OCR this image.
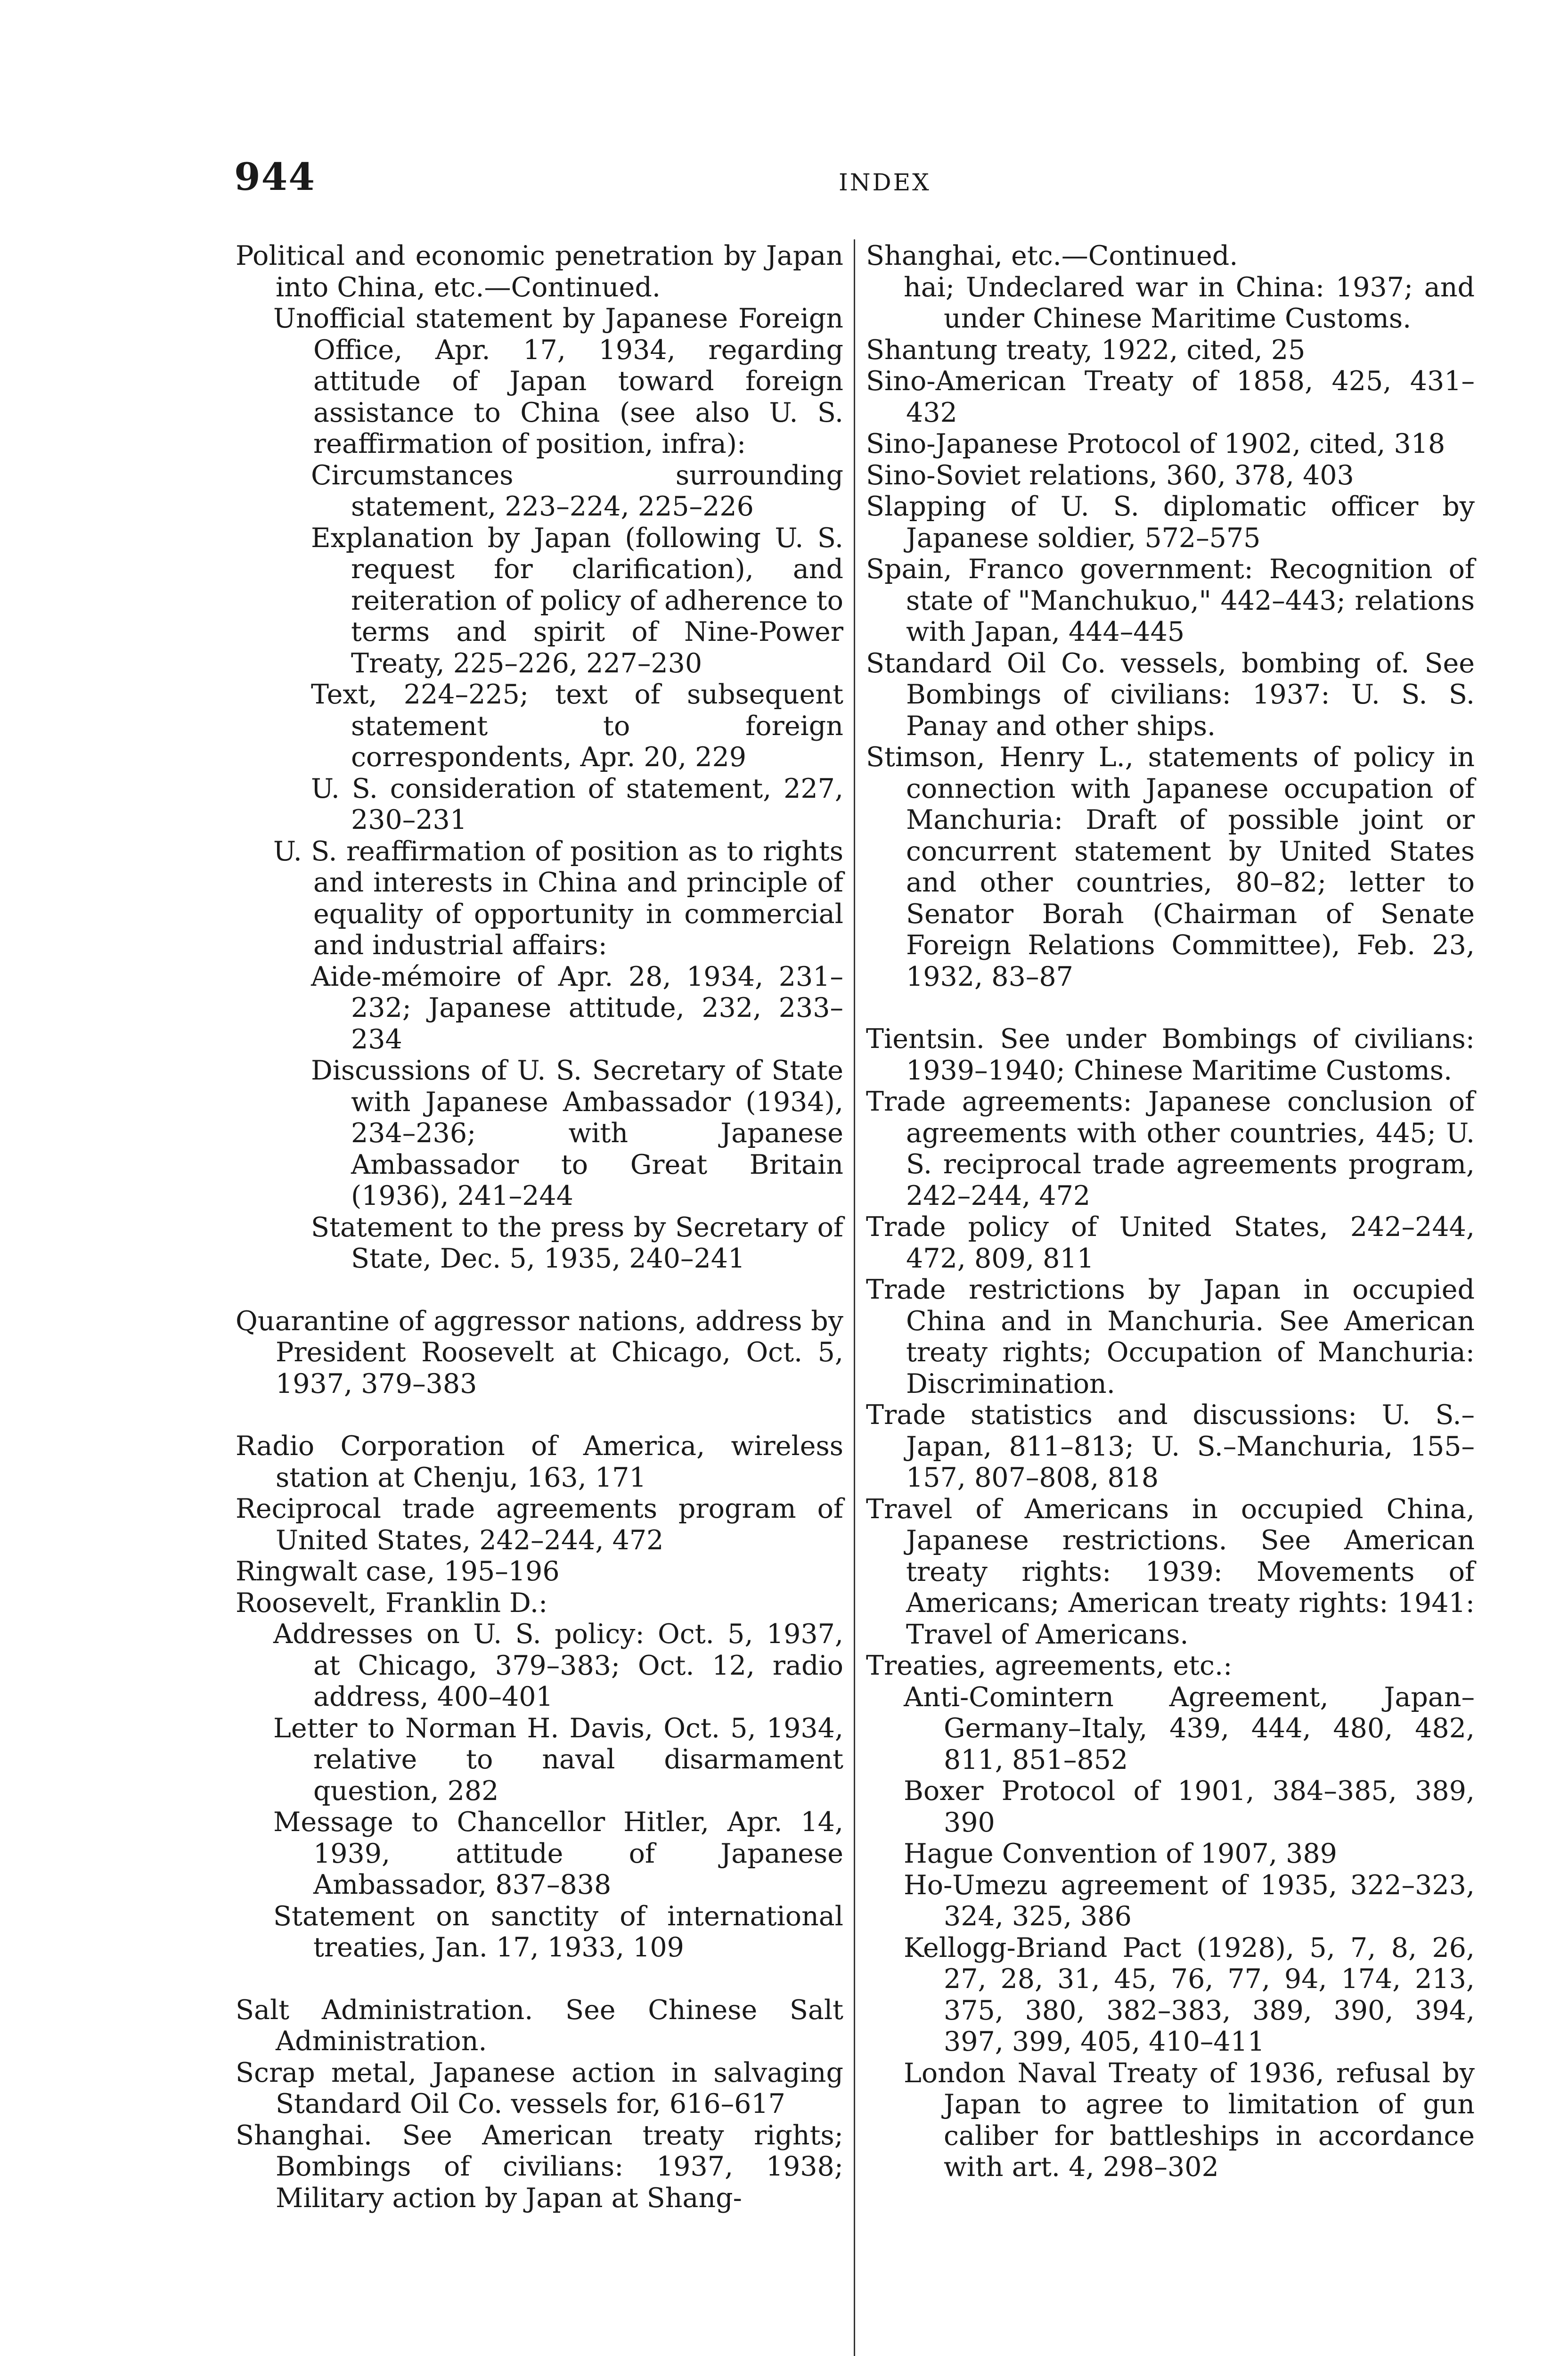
944	INDEX

Political and economic penetration by Japan into China, etc.—Continued.

Unofficial statement by Japanese Foreign Office, Apr. 17, 1934, regarding attitude of Japan toward foreign assistance to China (see also U. S. reaffirmation of position, infra):

Circumstances surrounding statement, 223–224, 225–226

Explanation by Japan (following U. S. request for clarification), and reiteration of policy of adherence to terms and spirit of Nine-Power Treaty, 225–226, 227–230

Text, 224–225; text of subsequent statement to foreign correspondents, Apr. 20, 229

U. S. consideration of statement, 227, 230–231

U. S. reaffirmation of position as to rights and interests in China and principle of equality of opportunity in commercial and industrial affairs:

Aide-mémoire of Apr. 28, 1934, 231–232; Japanese attitude, 232, 233–234

Discussions of U. S. Secretary of State with Japanese Ambassador (1934), 234–236; with Japanese Ambassador to Great Britain (1936), 241–244

Statement to the press by Secretary of State, Dec. 5, 1935, 240–241

Quarantine of aggressor nations, address by President Roosevelt at Chicago, Oct. 5, 1937, 379–383

Radio Corporation of America, wireless station at Chenju, 163, 171

Reciprocal trade agreements program of United States, 242–244, 472

Ringwalt case, 195–196

Roosevelt, Franklin D.:

Addresses on U. S. policy: Oct. 5, 1937, at Chicago, 379–383; Oct. 12, radio address, 400–401

Letter to Norman H. Davis, Oct. 5, 1934, relative to naval disarmament question, 282

Message to Chancellor Hitler, Apr. 14, 1939, attitude of Japanese Ambassador, 837–838

Statement on sanctity of international treaties, Jan. 17, 1933, 109

Salt Administration. See Chinese Salt Administration.

Scrap metal, Japanese action in salvaging Standard Oil Co. vessels for, 616–617

Shanghai. See American treaty rights; Bombings of civilians: 1937, 1938; Military action by Japan at Shang-

Shanghai, etc.—Continued.

hai; Undeclared war in China: 1937; and under Chinese Maritime Customs.

Shantung treaty, 1922, cited, 25

Sino-American Treaty of 1858, 425, 431–432

Sino-Japanese Protocol of 1902, cited, 318

Sino-Soviet relations, 360, 378, 403

Slapping of U. S. diplomatic officer by Japanese soldier, 572–575

Spain, Franco government: Recognition of state of "Manchukuo," 442–443; relations with Japan, 444–445

Standard Oil Co. vessels, bombing of. See Bombings of civilians: 1937: U. S. S. Panay and other ships.

Stimson, Henry L., statements of policy in connection with Japanese occupation of Manchuria: Draft of possible joint or concurrent statement by United States and other countries, 80–82; letter to Senator Borah (Chairman of Senate Foreign Relations Committee), Feb. 23, 1932, 83–87

Tientsin. See under Bombings of civilians: 1939–1940; Chinese Maritime Customs.

Trade agreements: Japanese conclusion of agreements with other countries, 445; U. S. reciprocal trade agreements program, 242–244, 472

Trade policy of United States, 242–244, 472, 809, 811

Trade restrictions by Japan in occupied China and in Manchuria. See American treaty rights; Occupation of Manchuria: Discrimination.

Trade statistics and discussions: U. S.–Japan, 811–813; U. S.–Manchuria, 155–157, 807–808, 818

Travel of Americans in occupied China, Japanese restrictions. See American treaty rights: 1939: Movements of Americans; American treaty rights: 1941: Travel of Americans.

Treaties, agreements, etc.:

Anti-Comintern Agreement, Japan–Germany–Italy, 439, 444, 480, 482, 811, 851–852

Boxer Protocol of 1901, 384–385, 389, 390

Hague Convention of 1907, 389

Ho-Umezu agreement of 1935, 322–323, 324, 325, 386

Kellogg-Briand Pact (1928), 5, 7, 8, 26, 27, 28, 31, 45, 76, 77, 94, 174, 213, 375, 380, 382–383, 389, 390, 394, 397, 399, 405, 410–411

London Naval Treaty of 1936, refusal by Japan to agree to limitation of gun caliber for battleships in accordance with art. 4, 298–302
